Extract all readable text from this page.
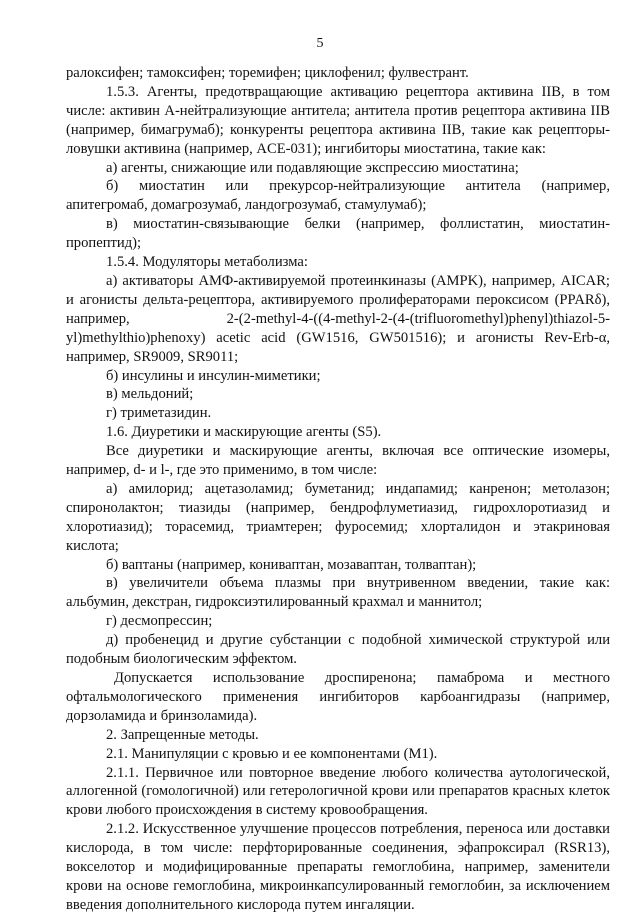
5

ралоксифен; тамоксифен; торемифен; циклофенил; фулвестрант.

1.5.3. Агенты, предотвращающие активацию рецептора активина IIB, в том числе: активин А-нейтрализующие антитела; антитела против рецептора активина IIB (например, бимагрумаб); конкуренты рецептора активина IIB, такие как рецепторы-ловушки активина (например, ACE-031); ингибиторы миостатина, такие как:

а) агенты, снижающие или подавляющие экспрессию миостатина;

б) миостатин или прекурсор-нейтрализующие антитела (например, апитегромаб, домагрозумаб, ландогрозумаб, стамулумаб);

в) миостатин-связывающие белки (например, фоллистатин, миостатин-пропептид);

1.5.4. Модуляторы метаболизма:

а) активаторы АМФ-активируемой протеинкиназы (AMPK), например, AICAR; и агонисты дельта-рецептора, активируемого пролифераторами пероксисом (PPARδ), например, 2-(2-methyl-4-((4-methyl-2-(4-(trifluoromethyl)phenyl)thiazol-5-yl)methylthio)phenoxy) acetic acid (GW1516, GW501516); и агонисты Rev-Erb-α, например, SR9009, SR9011;

б) инсулины и инсулин-миметики;

в) мельдоний;

г) триметазидин.

1.6. Диуретики и маскирующие агенты (S5).

Все диуретики и маскирующие агенты, включая все оптические изомеры, например, d- и l-, где это применимо, в том числе:

а) амилорид; ацетазоламид; буметанид; индапамид; канренон; метолазон; спиронолактон; тиазиды (например, бендрофлуметиазид, гидрохлоротиазид и хлоротиазид); торасемид, триамтерен; фуросемид; хлорталидон и этакриновая кислота;

б) ваптаны (например, кониваптан, мозаваптан, толваптан);

в) увеличители объема плазмы при внутривенном введении, такие как: альбумин, декстран, гидроксиэтилированный крахмал и маннитол;

г) десмопрессин;

д) пробенецид и другие субстанции с подобной химической структурой или подобным биологическим эффектом.

Допускается использование дроспиренона; памаброма и местного офтальмологического применения ингибиторов карбоангидразы (например, дорзоламида и бринзоламида).

2. Запрещенные методы.

2.1. Манипуляции с кровью и ее компонентами (M1).

2.1.1. Первичное или повторное введение любого количества аутологической, аллогенной (гомологичной) или гетерологичной крови или препаратов красных клеток крови любого происхождения в систему кровообращения.

2.1.2. Искусственное улучшение процессов потребления, переноса или доставки кислорода, в том числе: перфторированные соединения, эфапроксирал (RSR13), вокселотор и модифицированные препараты гемоглобина, например, заменители крови на основе гемоглобина, микроинкапсулированный гемоглобин, за исключением введения дополнительного кислорода путем ингаляции.
